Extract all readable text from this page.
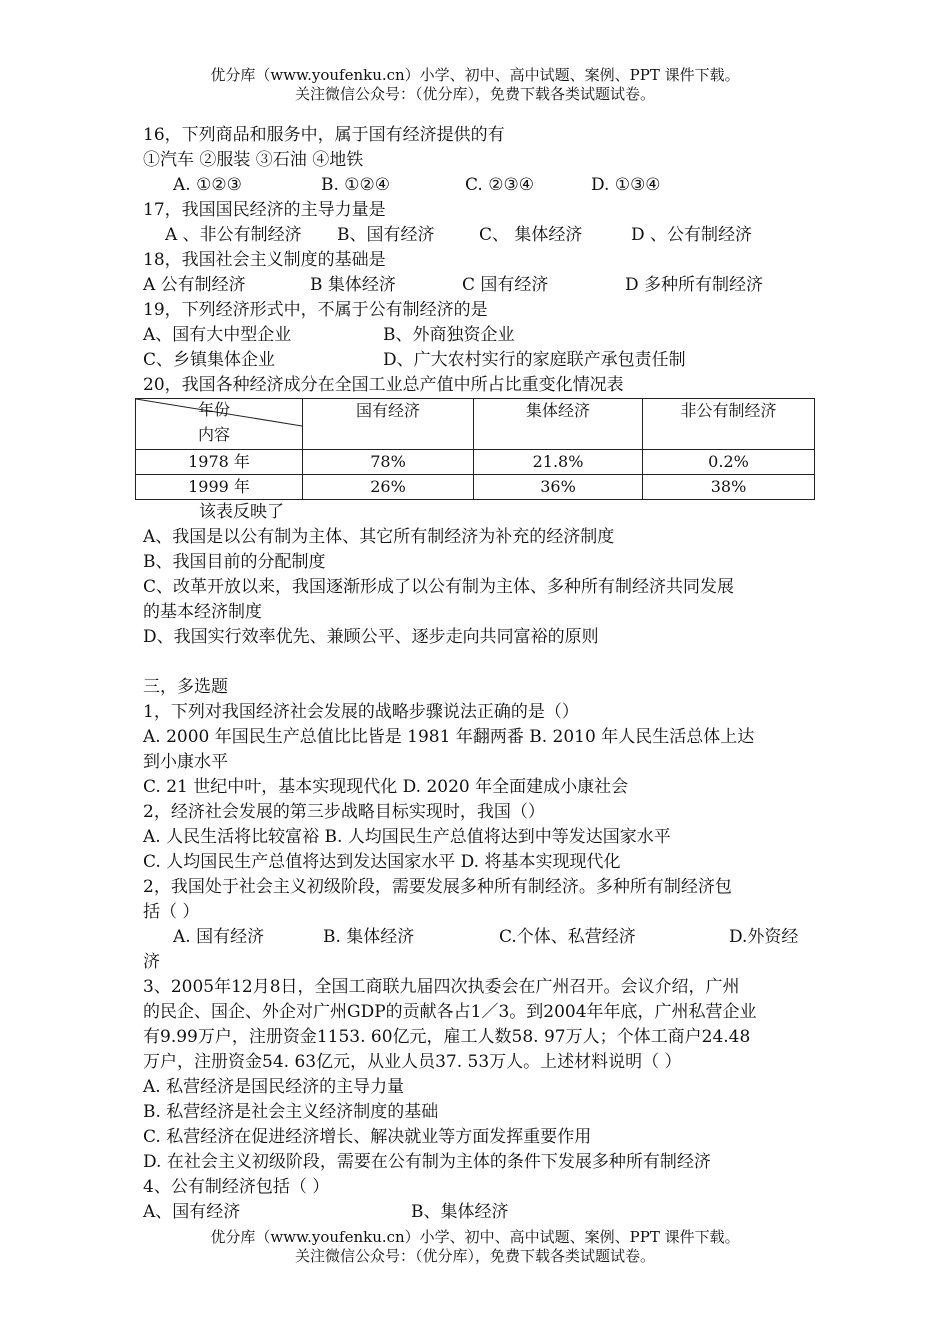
优分库（www.youfenku.cn）小学、初中、高中试题、案例、PPT 课件下载。
关注微信公众号：（优分库），免费下载各类试题试卷。
16，下列商品和服务中，属于国有经济提供的有
①汽车 ②服装 ③石油 ④地铁
A. ①②③	B. ①②④	C. ②③④	D. ①③④
17，我国国民经济的主导力量是
A 、非公有制经济	B、国有经济	C、 集体经济	D 、公有制经济
18，我国社会主义制度的基础是
A 公有制经济	B 集体经济	C 国有经济	D 多种所有制经济
19，下列经济形式中，不属于公有制经济的是
A、国有大中型企业	B、外商独资企业
C、乡镇集体企业	D、广大农村实行的家庭联产承包责任制
20，我国各种经济成分在全国工业总产值中所占比重变化情况表
年份
内容	国有经济	集体经济	非公有制经济
1978 年	78%	21.8%	0.2%
1999 年	26%	36%	38%
该表反映了
A、我国是以公有制为主体、其它所有制经济为补充的经济制度
B、我国目前的分配制度
C、改革开放以来，我国逐渐形成了以公有制为主体、多种所有制经济共同发展
的基本经济制度
D、我国实行效率优先、兼顾公平、逐步走向共同富裕的原则
三，多选题
1，下列对我国经济社会发展的战略步骤说法正确的是（）
A. 2000 年国民生产总值比比皆是 1981 年翻两番 B. 2010 年人民生活总体上达
到小康水平
C. 21 世纪中叶，基本实现现代化 D. 2020 年全面建成小康社会
2，经济社会发展的第三步战略目标实现时，我国（）
A. 人民生活将比较富裕 B. 人均国民生产总值将达到中等发达国家水平
C. 人均国民生产总值将达到发达国家水平 D. 将基本实现现代化
2，我国处于社会主义初级阶段，需要发展多种所有制经济。多种所有制经济包
括（ ）
A. 国有经济	B. 集体经济	C.个体、私营经济	D.外资经
济
3、2005年12月8日，全国工商联九届四次执委会在广州召开。会议介绍，广州
的民企、国企、外企对广州GDP的贡献各占1／3。到2004年年底，广州私营企业
有9.99万户，注册资金1153. 60亿元，雇工人数58. 97万人；个体工商户24.48
万户，注册资金54. 63亿元，从业人员37. 53万人。上述材料说明（ ）
A. 私营经济是国民经济的主导力量
B. 私营经济是社会主义经济制度的基础
C. 私营经济在促进经济增长、解决就业等方面发挥重要作用
D. 在社会主义初级阶段，需要在公有制为主体的条件下发展多种所有制经济
4、公有制经济包括（ ）
A、国有经济	B、集体经济
优分库（www.youfenku.cn）小学、初中、高中试题、案例、PPT 课件下载。
关注微信公众号：（优分库），免费下载各类试题试卷。
